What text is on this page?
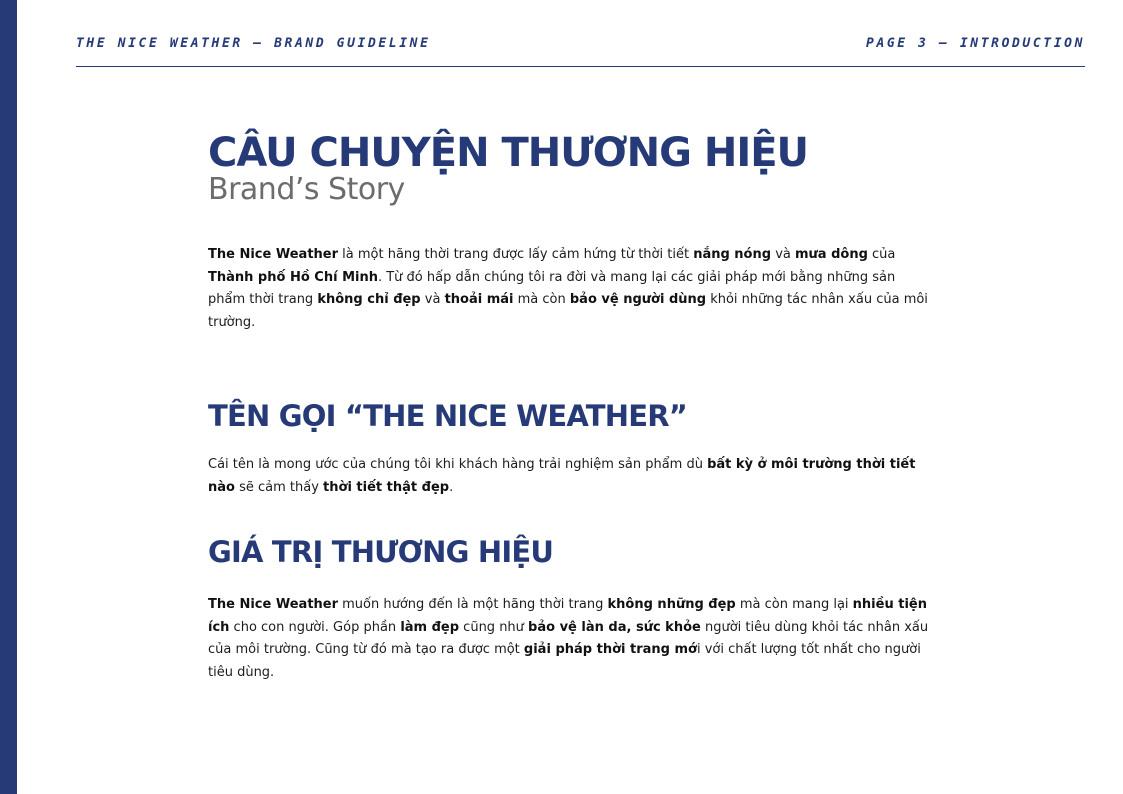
THE NICE WEATHER – BRAND GUIDELINE	PAGE 3 – INTRODUCTION
CÂU CHUYỆN THƯƠNG HIỆU
Brand’s Story

The Nice Weather là một hãng thời trang được lấy cảm hứng từ thời tiết nắng nóng và mưa dông của Thành phố Hồ Chí Minh. Từ đó hấp dẫn chúng tôi ra đời và mang lại các giải pháp mới bằng những sản phẩm thời trang không chỉ đẹp và thoải mái mà còn bảo vệ người dùng khỏi những tác nhân xấu của môi trường.

TÊN GỌI “THE NICE WEATHER”

Cái tên là mong ước của chúng tôi khi khách hàng trải nghiệm sản phẩm dù bất kỳ ở môi trường thời tiết nào sẽ cảm thấy thời tiết thật đẹp.

GIÁ TRỊ THƯƠNG HIỆU

The Nice Weather muốn hướng đến là một hãng thời trang không những đẹp mà còn mang lại nhiều tiện ích cho con người. Góp phần làm đẹp cũng như bảo vệ làn da, sức khỏe người tiêu dùng khỏi tác nhân xấu của môi trường. Cũng từ đó mà tạo ra được một giải pháp thời trang mới với chất lượng tốt nhất cho người tiêu dùng.
